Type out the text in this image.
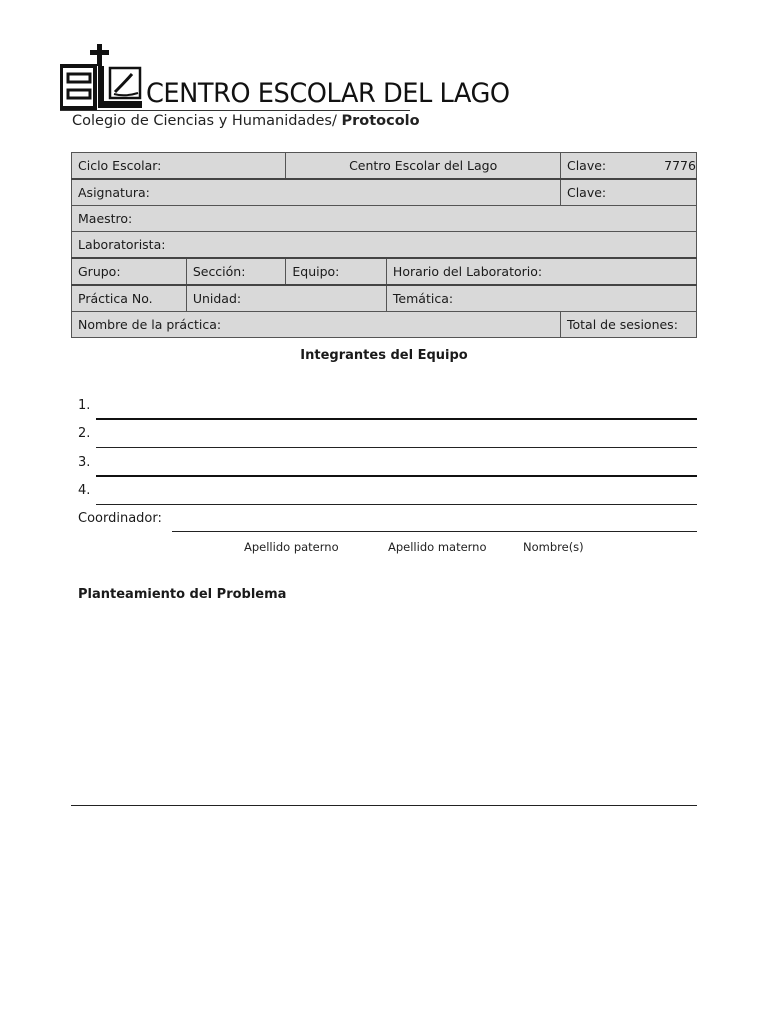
CENTRO ESCOLAR DEL LAGO
Colegio de Ciencias y Humanidades/ Protocolo
Ciclo Escolar:		Centro Escolar del Lago		Clave: 7776
Asignatura:				Clave:
Maestro:				
Laboratorista:				
Grupo:	Sección:	Equipo:	Horario del Laboratorio:	
Práctica No.	Unidad:		Temática:	
Nombre de la práctica:				Total de sesiones:
Integrantes del Equipo
1.
2.
3.
4.
Coordinador:
Apellido paterno	Apellido materno	Nombre(s)
Planteamiento del Problema
